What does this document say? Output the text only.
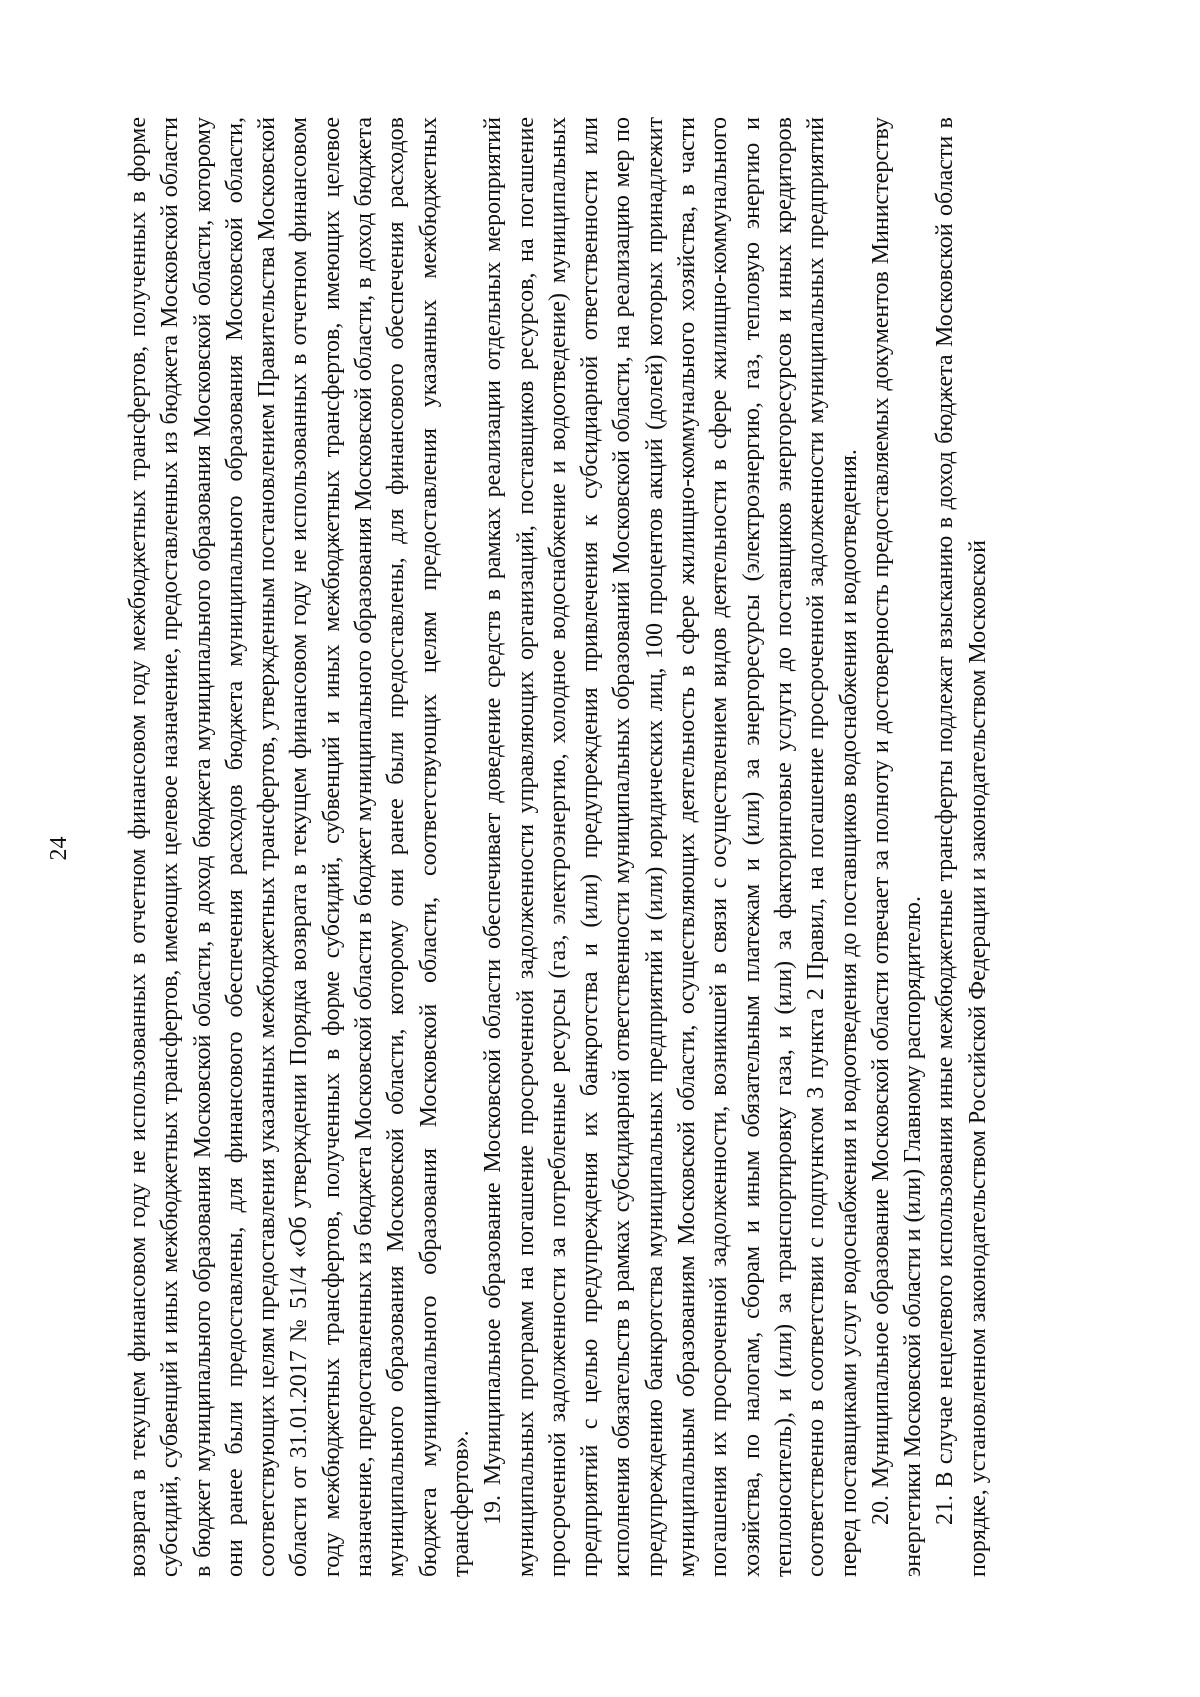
24 возврата в текущем финансовом году не использованных в отчетном финансовом году межбюджетных трансфертов, полученных в форме субсидий, субвенций и иных межбюджетных трансфертов, имеющих целевое назначение, предоставленных из бюджета Московской области в бюджет муниципального образования Московской области, в доход бюджета муниципального образования Московской области, которому они ранее были предоставлены, для финансового обеспечения расходов бюджета муниципального образования Московской области, соответствующих целям предоставления указанных межбюджетных трансфертов, утвержденным постановлением Правительства Московской области от 31.01.2017 № 51/4 «Об утверждении Порядка возврата в текущем финансовом году не использованных в отчетном финансовом году межбюджетных трансфертов, полученных в форме субсидий, субвенций и иных межбюджетных трансфертов, имеющих целевое назначение, предоставленных из бюджета Московской области в бюджет муниципального образования Московской области, в доход бюджета муниципального образования Московской области, которому они ранее были предоставлены, для финансового обеспечения расходов бюджета муниципального образования Московской области, соответствующих целям предоставления указанных межбюджетных трансфертов». 19. Муниципальное образование Московской области обеспечивает доведение средств в рамках реализации отдельных мероприятий муниципальных программ на погашение просроченной задолженности управляющих организаций, поставщиков ресурсов, на погашение просроченной задолженности за потребленные ресурсы (газ, электроэнергию, холодное водоснабжение и водоотведение) муниципальных предприятий с целью предупреждения их банкротства и (или) предупреждения привлечения к субсидиарной ответственности или исполнения обязательств в рамках субсидиарной ответственности муниципальных образований Московской области, на реализацию мер по предупреждению банкротства муниципальных предприятий и (или) юридических лиц, 100 процентов акций (долей) которых принадлежит муниципальным образованиям Московской области, осуществляющих деятельность в сфере жилищно-коммунального хозяйства, в части погашения их просроченной задолженности, возникшей в связи с осуществлением видов деятельности в сфере жилищно-коммунального хозяйства, по налогам, сборам и иным обязательным платежам и (или) за энергоресурсы (электроэнергию, газ, тепловую энергию и теплоноситель), и (или) за транспортировку газа, и (или) за факторинговые услуги до поставщиков энергоресурсов и иных кредиторов соответственно в соответствии с подпунктом 3 пункта 2 Правил, на погашение просроченной задолженности муниципальных предприятий перед поставщиками услуг водоснабжения и водоотведения до поставщиков водоснабжения и водоотведения. 20. Муниципальное образование Московской области отвечает за полноту и достоверность предоставляемых документов Министерству энергетики Московской области и (или) Главному распорядителю. 21. В случае нецелевого использования иные межбюджетные трансферты подлежат взысканию в доход бюджета Московской области в порядке, установленном законодательством Российской Федерации и законодательством Московской
